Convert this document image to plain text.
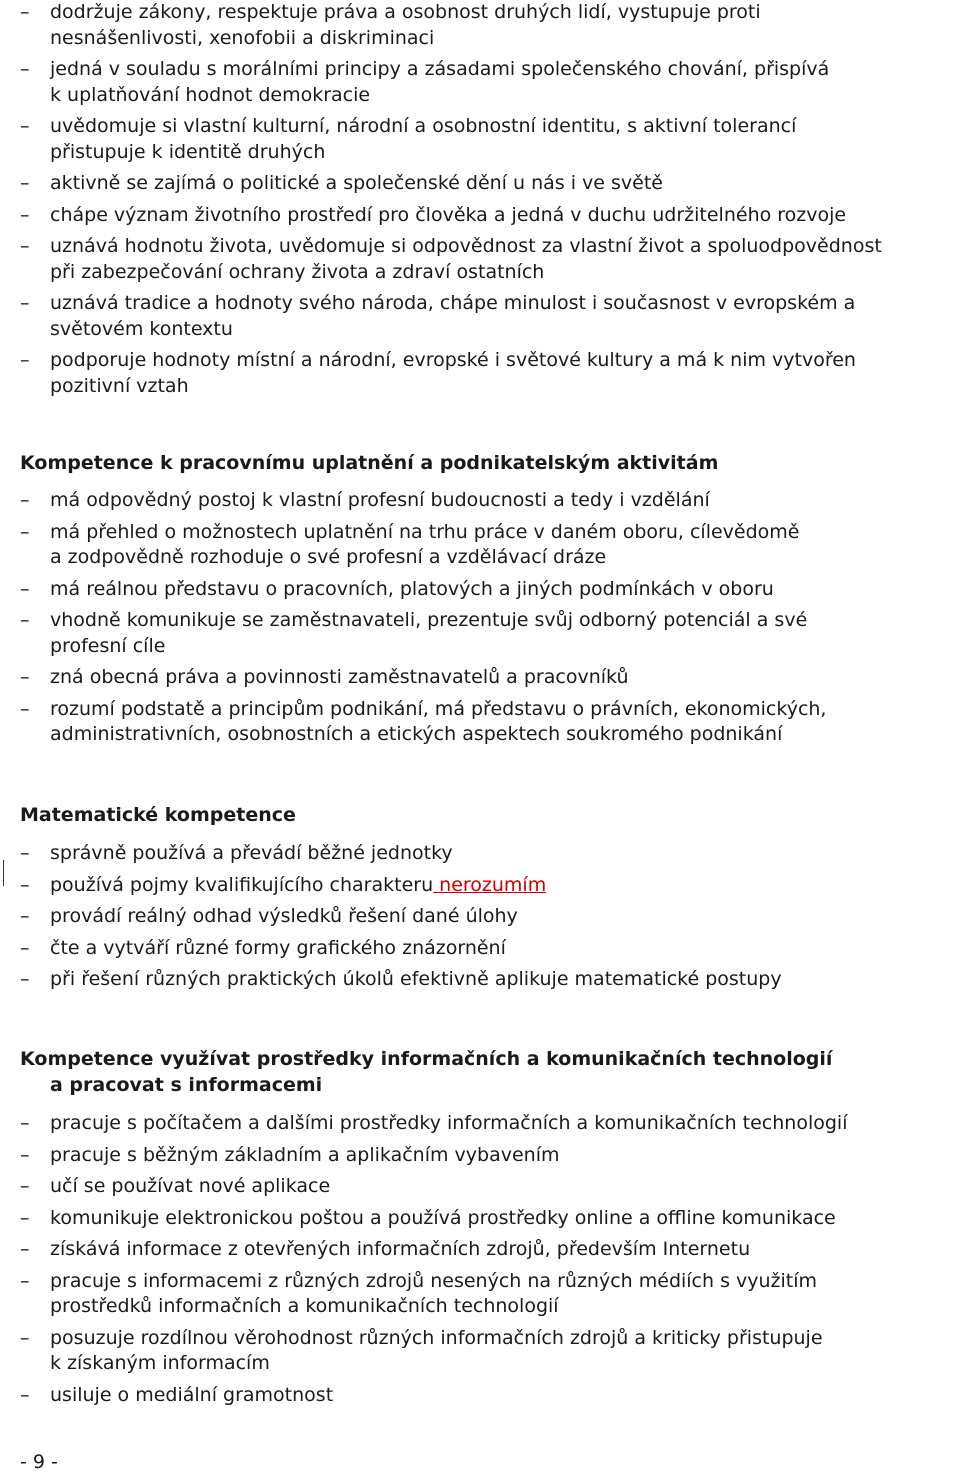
– dodržuje zákony, respektuje práva a osobnost druhých lidí, vystupuje proti
nesnášenlivosti, xenofobii a diskriminaci
– jedná v souladu s morálními principy a zásadami společenského chování, přispívá
k uplatňování hodnot demokracie
– uvědomuje si vlastní kulturní, národní a osobnostní identitu, s aktivní tolerancí
přistupuje k identitě druhých
– aktivně se zajímá o politické a společenské dění u nás i ve světě
– chápe význam životního prostředí pro člověka a jedná v duchu udržitelného rozvoje
– uznává hodnotu života, uvědomuje si odpovědnost za vlastní život a spoluodpovědnost
při zabezpečování ochrany života a zdraví ostatních
– uznává tradice a hodnoty svého národa, chápe minulost i současnost v evropském a
světovém kontextu
– podporuje hodnoty místní a národní, evropské i světové kultury a má k nim vytvořen
pozitivní vztah
Kompetence k pracovnímu uplatnění a podnikatelským aktivitám
– má odpovědný postoj k vlastní profesní budoucnosti a tedy i vzdělání
– má přehled o možnostech uplatnění na trhu práce v daném oboru, cílevědomě
a zodpovědně rozhoduje o své profesní a vzdělávací dráze
– má reálnou představu o pracovních, platových a jiných podmínkách v oboru
– vhodně komunikuje se zaměstnavateli, prezentuje svůj odborný potenciál a své
profesní cíle
– zná obecná práva a povinnosti zaměstnavatelů a pracovníků
– rozumí podstatě a principům podnikání, má představu o právních, ekonomických,
administrativních, osobnostních a etických aspektech soukromého podnikání
Matematické kompetence
– správně používá a převádí běžné jednotky
– používá pojmy kvalifikujícího charakteru nerozumím
– provádí reálný odhad výsledků řešení dané úlohy
– čte a vytváří různé formy grafického znázornění
– při řešení různých praktických úkolů efektivně aplikuje matematické postupy
Kompetence využívat prostředky informačních a komunikačních technologií
a pracovat s informacemi
– pracuje s počítačem a dalšími prostředky informačních a komunikačních technologií
– pracuje s běžným základním a aplikačním vybavením
– učí se používat nové aplikace
– komunikuje elektronickou poštou a používá prostředky online a offline komunikace
– získává informace z otevřených informačních zdrojů, především Internetu
– pracuje s informacemi z různých zdrojů nesených na různých médiích s využitím
prostředků informačních a komunikačních technologií
– posuzuje rozdílnou věrohodnost různých informačních zdrojů a kriticky přistupuje
k získaným informacím
– usiluje o mediální gramotnost
- 9 -
